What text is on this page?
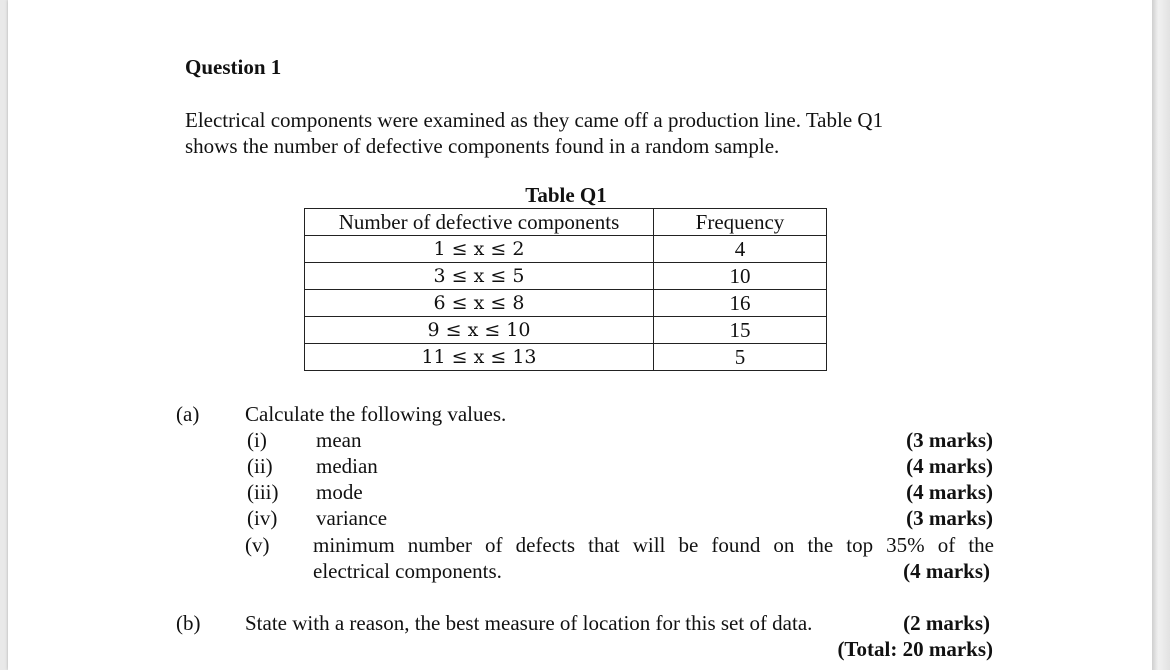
Question 1
Electrical components were examined as they came off a production line. Table Q1
shows the number of defective components found in a random sample.
Table Q1
Number of defective components	Frequency
1 ≤ x ≤ 2	4
3 ≤ x ≤ 5	10
6 ≤ x ≤ 8	16
9 ≤ x ≤ 10	15
11 ≤ x ≤ 13	5
(a) Calculate the following values.
(i) mean	(3 marks)
(ii) median	(4 marks)
(iii) mode	(4 marks)
(iv) variance	(3 marks)
(v) minimum number of defects that will be found on the top 35% of the
electrical components.	(4 marks)
(b) State with a reason, the best measure of location for this set of data.	(2 marks)
(Total: 20 marks)
